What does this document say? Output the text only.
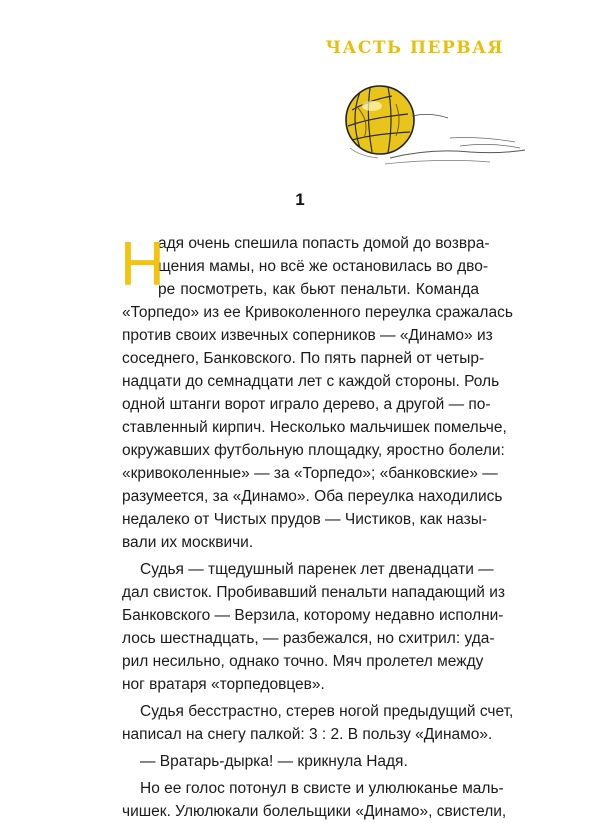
ЧАСТЬ ПЕРВАЯ
1
Н
адя очень спешила попасть домой до возвра-
щения мамы, но всё же остановилась во дво-
ре посмотреть, как бьют пенальти. Команда
«Торпедо» из ее Кривоколенного переулка сражалась
против своих извечных соперников — «Динамо» из
соседнего, Банковского. По пять парней от четыр-
надцати до семнадцати лет с каждой стороны. Роль
одной штанги ворот играло дерево, а другой — по-
ставленный кирпич. Несколько мальчишек помельче,
окружавших футбольную площадку, яростно болели:
«кривоколенные» — за «Торпедо»; «банковские» —
разумеется, за «Динамо». Оба переулка находились
недалеко от Чистых прудов — Чистиков, как назы-
вали их москвичи.
Судья — тщедушный паренек лет двенадцати —
дал свисток. Пробивавший пенальти нападающий из
Банковского — Верзила, которому недавно исполни-
лось шестнадцать, — разбежался, но схитрил: уда-
рил несильно, однако точно. Мяч пролетел между
ног вратаря «торпедовцев».
Судья бесстрастно, стерев ногой предыдущий счет,
написал на снегу палкой: 3 : 2. В пользу «Динамо».
— Вратарь-дырка! — крикнула Надя.
Но ее голос потонул в свисте и улюлюканье маль-
чишек. Улюлюкали болельщики «Динамо», свистели,
